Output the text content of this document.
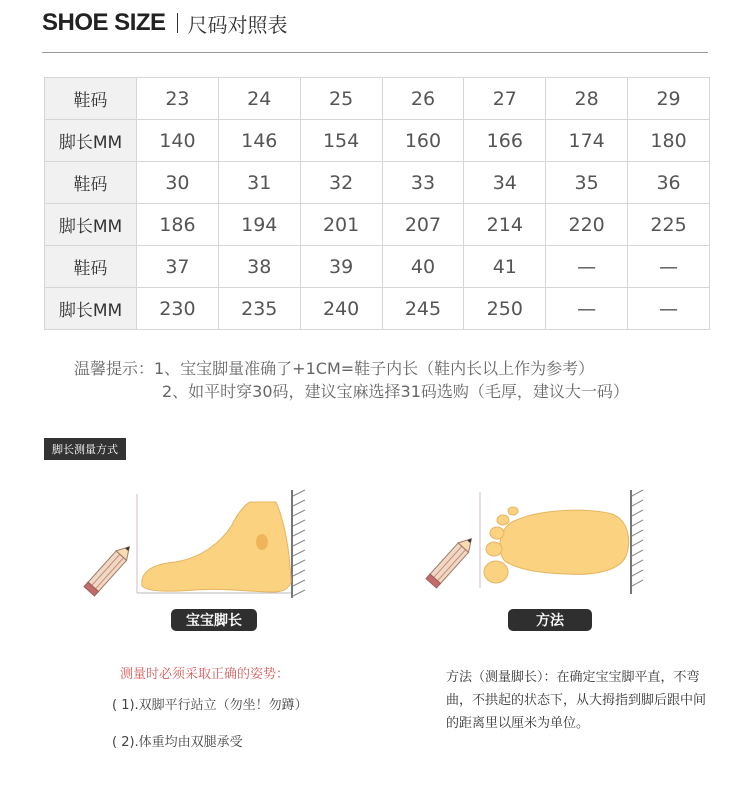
SHOE SIZE 尺码对照表
鞋码	23	24	25	26	27	28	29
脚长MM	140	146	154	160	166	174	180
鞋码	30	31	32	33	34	35	36
脚长MM	186	194	201	207	214	220	225
鞋码	37	38	39	40	41	—	—
脚长MM	230	235	240	245	250	—	—
温馨提示：1、宝宝脚量准确了+1CM=鞋子内长（鞋内长以上作为参考）
2、如平时穿30码，建议宝麻选择31码选购（毛厚，建议大一码）
脚长测量方式
宝宝脚长	方法
测量时必须采取正确的姿势：
( 1).双脚平行站立（勿坐！勿蹲）
( 2).体重均由双腿承受
方法（测量脚长）：在确定宝宝脚平直，不弯曲，不拱起的状态下，从大拇指到脚后跟中间的距离里以厘米为单位。
